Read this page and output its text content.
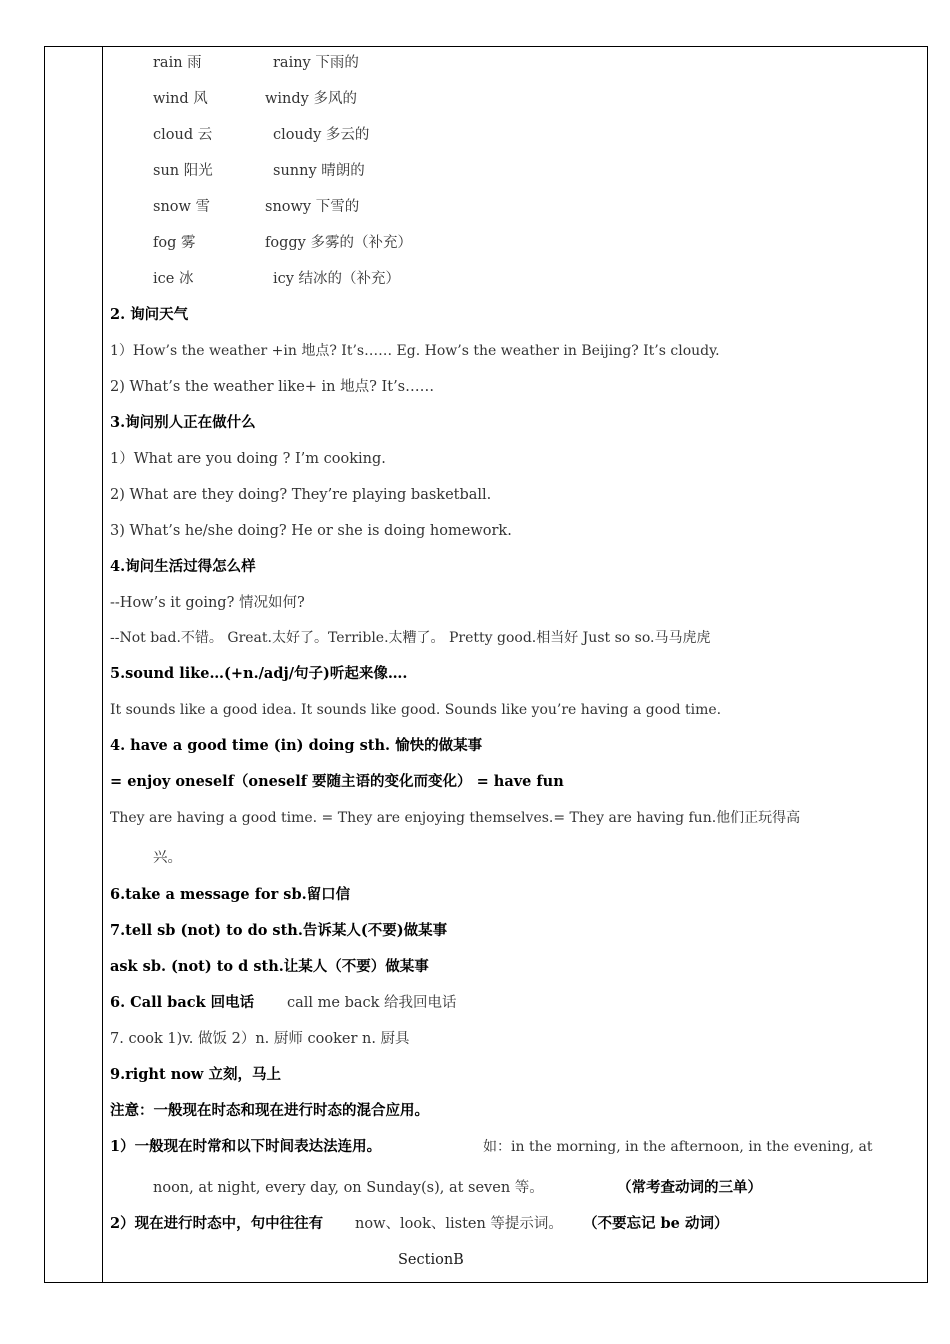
rain 雨	rainy 下雨的
wind 风	windy 多风的
cloud 云	cloudy 多云的
sun 阳光	sunny 晴朗的
snow 雪	snowy 下雪的
fog 雾	foggy 多雾的（补充）
ice 冰	icy 结冰的（补充）
2. 询问天气
1）How’s the weather +in 地点? It’s…… Eg. How’s the weather in Beijing? It’s cloudy.
2) What’s the weather like+ in 地点? It’s……
3.询问别人正在做什么
1）What are you doing ? I’m cooking.
2) What are they doing? They’re playing basketball.
3) What’s he/she doing? He or she is doing homework.
4.询问生活过得怎么样
--How’s it going? 情况如何?
--Not bad.不错。 Great.太好了。Terrible.太糟了。 Pretty good.相当好 Just so so.马马虎虎
5.sound like…(+n./adj/句子)听起来像….
It sounds like a good idea. It sounds like good. Sounds like you’re having a good time.
4. have a good time (in) doing sth. 愉快的做某事
= enjoy oneself（oneself 要随主语的变化而变化） = have fun
They are having a good time. = They are enjoying themselves.= They are having fun.他们正玩得高
兴。
6.take a message for sb.留口信
7.tell sb (not) to do sth.告诉某人(不要)做某事
ask sb. (not) to d sth.让某人（不要）做某事
6. Call back 回电话 call me back 给我回电话
7. cook 1)v. 做饭 2）n. 厨师 cooker n. 厨具
9.right now 立刻，马上
注意：一般现在时态和现在进行时态的混合应用。
1）一般现在时常和以下时间表达法连用。	如：in the morning, in the afternoon, in the evening, at
noon, at night, every day, on Sunday(s), at seven 等。	（常考查动词的三单）
2）现在进行时态中，句中往往有 now、look、listen 等提示词。 （不要忘记 be 动词）
SectionB
